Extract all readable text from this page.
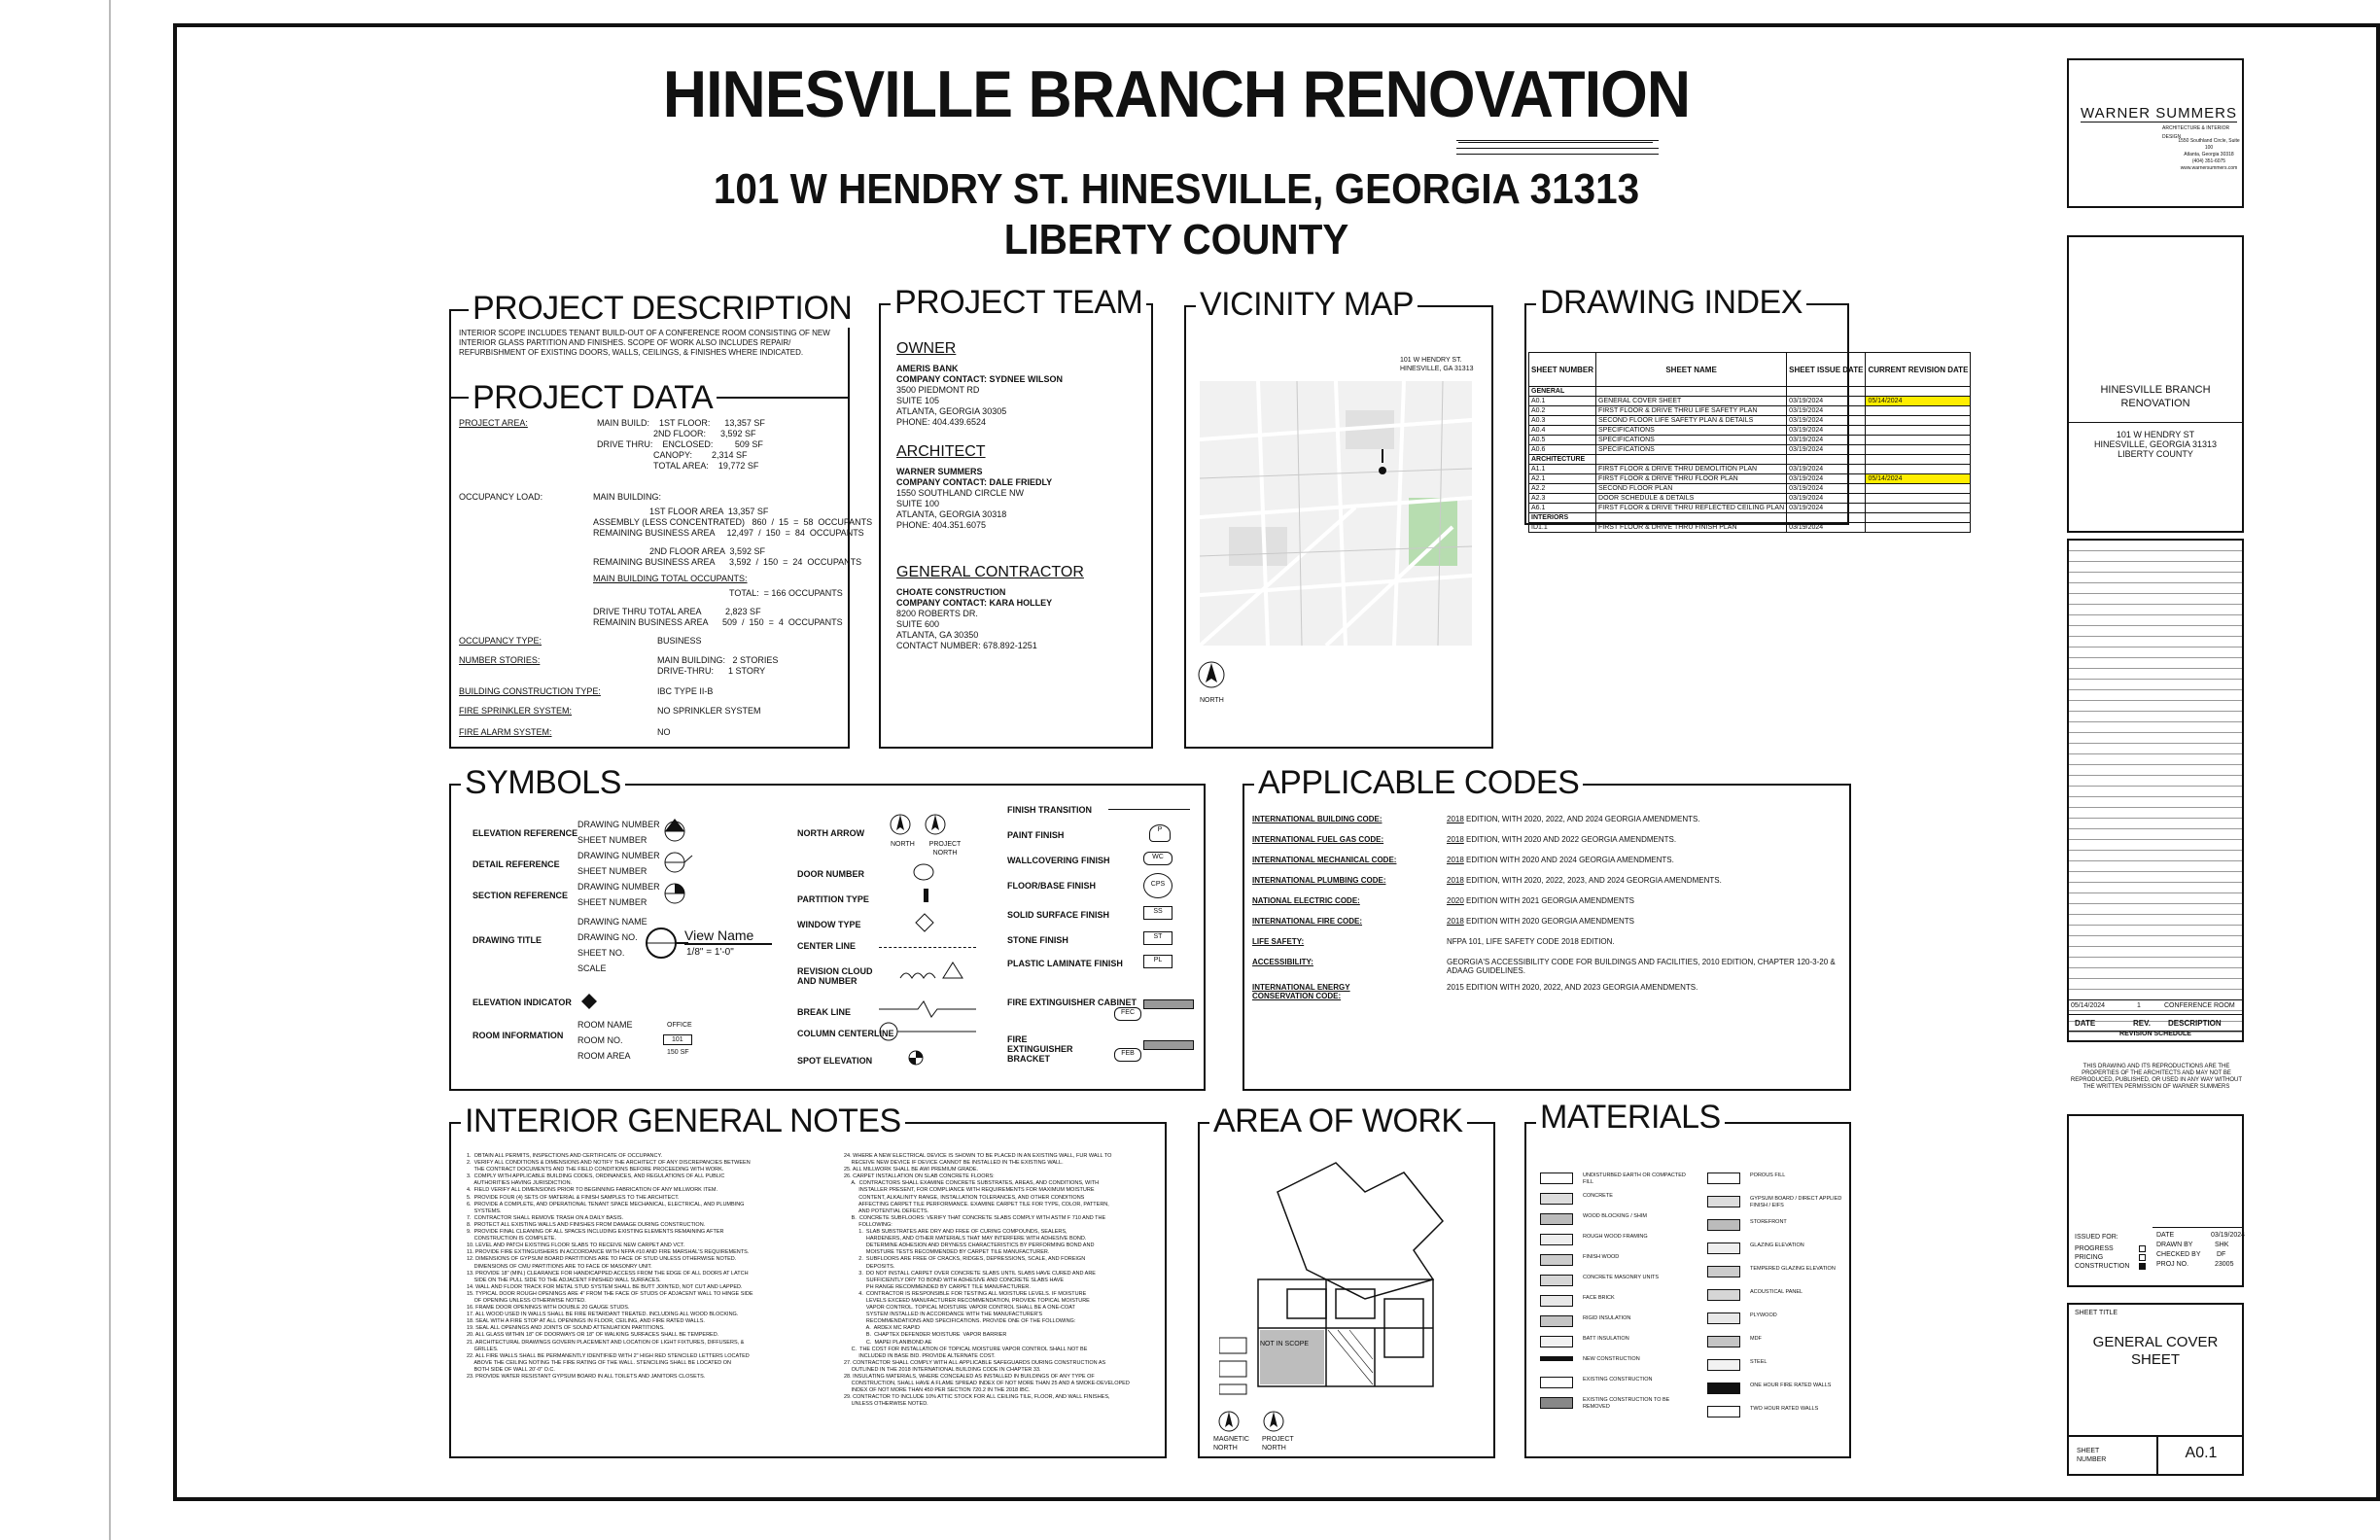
HINESVILLE BRANCH RENOVATION
101 W HENDRY ST. HINESVILLE, GEORGIA 31313
LIBERTY COUNTY
PROJECT DESCRIPTION
INTERIOR SCOPE INCLUDES TENANT BUILD-OUT OF A CONFERENCE ROOM CONSISTING OF NEW INTERIOR GLASS PARTITION AND FINISHES. SCOPE OF WORK ALSO INCLUDES REPAIR/ REFURBISHMENT OF EXISTING DOORS, WALLS, CEILINGS, & FINISHES WHERE INDICATED.
PROJECT DATA
PROJECT AREA:	MAIN BUILD:    1ST FLOOR:      13,357 SF
2ND FLOOR:      3,592 SF
DRIVE THRU:    ENCLOSED:         509 SF
CANOPY:        2,314 SF
TOTAL AREA:    19,772 SF
OCCUPANCY LOAD:	MAIN BUILDING:
1ST FLOOR AREA  13,357 SF
ASSEMBLY (LESS CONCENTRATED)   860  /  15  =  58  OCCUPANTS
REMAINING BUSINESS AREA     12,497  /  150  =  84  OCCUPANTS
2ND FLOOR AREA  3,592 SF
REMAINING BUSINESS AREA      3,592  /  150  =  24  OCCUPANTS
MAIN BUILDING TOTAL OCCUPANTS:
TOTAL:  = 166 OCCUPANTS
DRIVE THRU TOTAL AREA          2,823 SF
REMAININ BUSINESS AREA      509  /  150  =  4  OCCUPANTS
OCCUPANCY TYPE:	BUSINESS
NUMBER STORIES:	MAIN BUILDING:   2 STORIES
DRIVE-THRU:      1 STORY
BUILDING CONSTRUCTION TYPE:	IBC TYPE II-B
FIRE SPRINKLER SYSTEM:	NO SPRINKLER SYSTEM
FIRE ALARM SYSTEM:	NO
PROJECT TEAM
OWNER
AMERIS BANK
COMPANY CONTACT: SYDNEE WILSON
3500 PIEDMONT RD
SUITE 105
ATLANTA, GEORGIA 30305
PHONE: 404.439.6524
ARCHITECT
WARNER SUMMERS
COMPANY CONTACT: DALE FRIEDLY
1550 SOUTHLAND CIRCLE NW
SUITE 100
ATLANTA, GEORGIA 30318
PHONE: 404.351.6075
GENERAL CONTRACTOR
CHOATE CONSTRUCTION
COMPANY CONTACT: KARA HOLLEY
8200 ROBERTS DR.
SUITE 600
ATLANTA, GA 30350
CONTACT NUMBER: 678.892-1251
VICINITY MAP
101 W HENDRY ST. HINESVILLE, GA 31313
NORTH
DRAWING INDEX
SHEET NUMBER	SHEET NAME	SHEET ISSUE DATE	CURRENT REVISION DATE
GENERAL			
A0.1	GENERAL COVER SHEET	03/19/2024	05/14/2024
A0.2	FIRST FLOOR & DRIVE THRU LIFE SAFETY PLAN	03/19/2024	
A0.3	SECOND FLOOR LIFE SAFETY PLAN & DETAILS	03/19/2024	
A0.4	SPECIFICATIONS	03/19/2024	
A0.5	SPECIFICATIONS	03/19/2024	
A0.6	SPECIFICATIONS	03/19/2024	
ARCHITECTURE			
A1.1	FIRST FLOOR & DRIVE THRU DEMOLITION PLAN	03/19/2024	
A2.1	FIRST FLOOR & DRIVE THRU FLOOR PLAN	03/19/2024	05/14/2024
A2.2	SECOND FLOOR PLAN	03/19/2024	
A2.3	DOOR SCHEDULE & DETAILS	03/19/2024	
A6.1	FIRST FLOOR & DRIVE THRU REFLECTED CEILING PLAN	03/19/2024	
INTERIORS			
ID1.1	FIRST FLOOR & DRIVE THRU FINISH PLAN	03/19/2024	
SYMBOLS
ELEVATION REFERENCE
DRAWING NUMBER
SHEET NUMBER
DETAIL REFERENCE
DRAWING NUMBER
SHEET NUMBER
SECTION REFERENCE
DRAWING NUMBER
SHEET NUMBER
DRAWING TITLE
DRAWING NAME
DRAWING NO.
SHEET NO.
SCALE
View Name
1/8" = 1'-0"
ELEVATION INDICATOR
ROOM INFORMATION
ROOM NAME
ROOM NO.
ROOM AREA
OFFICE
101
150 SF
NORTH ARROW
NORTH	PROJECT NORTH
DOOR NUMBER
PARTITION TYPE
WINDOW TYPE
CENTER LINE
REVISION CLOUD AND NUMBER
BREAK LINE
COLUMN CENTERLINE
SPOT ELEVATION
FINISH TRANSITION
PAINT FINISH
WALLCOVERING FINISH
FLOOR/BASE FINISH
SOLID SURFACE FINISH
STONE FINISH
PLASTIC LAMINATE FINISH
FIRE EXTINGUISHER CABINET
FIRE EXTINGUISHER BRACKET
P
WC
CPS
SS
ST
PL
FEC
FEB
APPLICABLE CODES
INTERNATIONAL BUILDING CODE:	2018 EDITION, WITH 2020, 2022, AND 2024 GEORGIA AMENDMENTS.
INTERNATIONAL FUEL GAS CODE:	2018 EDITION, WITH 2020 AND 2022 GEORGIA AMENDMENTS.
INTERNATIONAL MECHANICAL CODE:	2018 EDITION WITH 2020 AND 2024 GEORGIA AMENDMENTS.
INTERNATIONAL PLUMBING CODE:	2018 EDITION, WITH 2020, 2022, 2023, AND 2024 GEORGIA AMENDMENTS.
NATIONAL ELECTRIC CODE:	2020 EDITION WITH 2021 GEORGIA AMENDMENTS
INTERNATIONAL FIRE CODE:	2018 EDITION WITH 2020 GEORGIA AMENDMENTS
LIFE SAFETY:	NFPA 101, LIFE SAFETY CODE 2018 EDITION.
ACCESSIBILITY:	GEORGIA'S ACCESSIBILITY CODE FOR BUILDINGS AND FACILITIES, 2010 EDITION, CHAPTER 120-3-20 & ADAAG GUIDELINES.
INTERNATIONAL ENERGY CONSERVATION CODE:
2015 EDITION WITH 2020, 2022, AND 2023 GEORGIA AMENDMENTS.
INTERIOR GENERAL NOTES
1.  OBTAIN ALL PERMITS, INSPECTIONS AND CERTIFICATE OF OCCUPANCY.
2.  VERIFY ALL CONDITIONS & DIMENSIONS AND NOTIFY THE ARCHITECT OF ANY DISCREPANCIES BETWEEN
THE CONTRACT DOCUMENTS AND THE FIELD CONDITIONS BEFORE PROCEEDING WITH WORK.
3.  COMPLY WITH APPLICABLE BUILDING CODES, ORDINANCES, AND REGULATIONS OF ALL PUBLIC
AUTHORITIES HAVING JURISDICTION.
4.  FIELD VERIFY ALL DIMENSIONS PRIOR TO BEGINNING FABRICATION OF ANY MILLWORK ITEM.
5.  PROVIDE FOUR (4) SETS OF MATERIAL & FINISH SAMPLES TO THE ARCHITECT.
6.  PROVIDE A COMPLETE, AND OPERATIONAL TENANT SPACE MECHANICAL, ELECTRICAL, AND PLUMBING
SYSTEMS.
7.  CONTRACTOR SHALL REMOVE TRASH ON A DAILY BASIS.
8.  PROTECT ALL EXISTING WALLS AND FINISHES FROM DAMAGE DURING CONSTRUCTION.
9.  PROVIDE FINAL CLEANING OF ALL SPACES INCLUDING EXISTING ELEMENTS REMAINING AFTER
CONSTRUCTION IS COMPLETE.
10. LEVEL AND PATCH EXISTING FLOOR SLABS TO RECEIVE NEW CARPET AND VCT.
11. PROVIDE FIRE EXTINGUISHERS IN ACCORDANCE WITH NFPA #10 AND FIRE MARSHAL'S REQUIREMENTS.
12. DIMENSIONS OF GYPSUM BOARD PARTITIONS ARE TO FACE OF STUD UNLESS OTHERWISE NOTED.
DIMENSIONS OF CMU PARTITIONS ARE TO FACE OF MASONRY UNIT.
13. PROVIDE 18" (MIN.) CLEARANCE FOR HANDICAPPED ACCESS FROM THE EDGE OF ALL DOORS AT LATCH
SIDE ON THE PULL SIDE TO THE ADJACENT FINISHED WALL SURFACES.
14. WALL AND FLOOR TRACK FOR METAL STUD SYSTEM SHALL BE BUTT JOINTED, NOT CUT AND LAPPED.
15. TYPICAL DOOR ROUGH OPENINGS ARE 4" FROM THE FACE OF STUDS OF ADJACENT WALL TO HINGE SIDE
OF OPENING UNLESS OTHERWISE NOTED.
16. FRAME DOOR OPENINGS WITH DOUBLE 20 GAUGE STUDS.
17. ALL WOOD USED IN WALLS SHALL BE FIRE RETARDANT TREATED. INCLUDING ALL WOOD BLOCKING.
18. SEAL WITH A FIRE STOP AT ALL OPENINGS IN FLOOR, CEILING, AND FIRE RATED WALLS.
19. SEAL ALL OPENINGS AND JOINTS OF SOUND ATTENUATION PARTITIONS.
20. ALL GLASS WITHIN 18" OF DOORWAYS OR 18" OF WALKING SURFACES SHALL BE TEMPERED.
21. ARCHITECTURAL DRAWINGS GOVERN PLACEMENT AND LOCATION OF LIGHT FIXTURES, DIFFUSERS, &
GRILLES.
22. ALL FIRE WALLS SHALL BE PERMANENTLY IDENTIFIED WITH 2" HIGH RED STENCILED LETTERS LOCATED
ABOVE THE CEILING NOTING THE FIRE RATING OF THE WALL. STENCILING SHALL BE LOCATED ON
BOTH SIDE OF WALL 20'-0" O.C.
23. PROVIDE WATER RESISTANT GYPSUM BOARD IN ALL TOILETS AND JANITORS CLOSETS.
24. WHERE A NEW ELECTRICAL DEVICE IS SHOWN TO BE PLACED IN AN EXISTING WALL, FUR WALL TO
RECEIVE NEW DEVICE IF DEVICE CANNOT BE INSTALLED IN THE EXISTING WALL.
25. ALL MILLWORK SHALL BE AWI PREMIUM GRADE.
26. CARPET INSTALLATION ON SLAB CONCRETE FLOORS:
A.  CONTRACTORS SHALL EXAMINE CONCRETE SUBSTRATES, AREAS, AND CONDITIONS, WITH
INSTALLER PRESENT, FOR COMPLIANCE WITH REQUIREMENTS FOR MAXIMUM MOISTURE
CONTENT, ALKALINITY RANGE, INSTALLATION TOLERANCES, AND OTHER CONDITIONS
AFFECTING CARPET TILE PERFORMANCE. EXAMINE CARPET TILE FOR TYPE, COLOR, PATTERN,
AND POTENTIAL DEFECTS.
B.  CONCRETE SUBFLOORS: VERIFY THAT CONCRETE SLABS COMPLY WITH ASTM F 710 AND THE
FOLLOWING:
1.  SLAB SUBSTRATES ARE DRY AND FREE OF CURING COMPOUNDS, SEALERS,
HARDENERS, AND OTHER MATERIALS THAT MAY INTERFERE WITH ADHESIVE BOND.
DETERMINE ADHESION AND DRYNESS CHARACTERISTICS BY PERFORMING BOND AND
MOISTURE TESTS RECOMMENDED BY CARPET TILE MANUFACTURER.
2.  SUBFLOORS ARE FREE OF CRACKS, RIDGES, DEPRESSIONS, SCALE, AND FOREIGN
DEPOSITS.
3.  DO NOT INSTALL CARPET OVER CONCRETE SLABS UNTIL SLABS HAVE CURED AND ARE
SUFFICIENTLY DRY TO BOND WITH ADHESIVE AND CONCRETE SLABS HAVE
PH RANGE RECOMMENDED BY CARPET TILE MANUFACTURER.
4.  CONTRACTOR IS RESPONSIBLE FOR TESTING ALL MOISTURE LEVELS. IF MOISTURE
LEVELS EXCEED MANUFACTURER RECOMMENDATION, PROVIDE TOPICAL MOISTURE
VAPOR CONTROL. TOPICAL MOISTURE VAPOR CONTROL SHALL BE A ONE-COAT
SYSTEM INSTALLED IN ACCORDANCE WITH THE MANUFACTURER'S
RECOMMENDATIONS AND SPECIFICATIONS. PROVIDE ONE OF THE FOLLOWING:
A.  ARDEX MC RAPID
B.  CHAPTEX DEFENDER MOISTURE  VAPOR BARRIER
C.  MAPEI PLANIBOND AE
C.  THE COST FOR INSTALLATION OF TOPICAL MOISTURE VAPOR CONTROL SHALL NOT BE
INCLUDED IN BASE BID. PROVIDE ALTERNATE COST.
27. CONTRACTOR SHALL COMPLY WITH ALL APPLICABLE SAFEGUARDS DURING CONSTRUCTION AS
OUTLINED IN THE 2018 INTERNATIONAL BUILDING CODE IN CHAPTER 33.
28. INSULATING MATERIALS, WHERE CONCEALED AS INSTALLED IN BUILDINGS OF ANY TYPE OF
CONSTRUCTION, SHALL HAVE A FLAME SPREAD INDEX OF NOT MORE THAN 25 AND A SMOKE-DEVELOPED
INDEX OF NOT MORE THAN 450 PER SECTION 720.2 IN THE 2018 IBC.
29. CONTRACTOR TO INCLUDE 10% ATTIC STOCK FOR ALL CEILING TILE, FLOOR, AND WALL FINISHES,
UNLESS OTHERWISE NOTED.
AREA OF WORK
NOT IN SCOPE
MAGNETIC NORTH
PROJECT NORTH
MATERIALS
UNDISTURBED EARTH OR COMPACTED FILL
CONCRETE
WOOD BLOCKING / SHIM
ROUGH WOOD FRAMING
FINISH WOOD
CONCRETE MASONRY UNITS
FACE BRICK
RIGID INSULATION
BATT INSULATION
NEW CONSTRUCTION
EXISTING CONSTRUCTION
EXISTING CONSTRUCTION TO BE REMOVED
POROUS FILL
GYPSUM BOARD / DIRECT APPLIED FINISH / EIFS
STOREFRONT
GLAZING ELEVATION
TEMPERED GLAZING ELEVATION
ACOUSTICAL PANEL
PLYWOOD
MDF
STEEL
ONE HOUR FIRE RATED WALLS
TWO HOUR RATED WALLS
WARNER SUMMERS
ARCHITECTURE & INTERIOR DESIGN
1550 Southland Circle, Suite 100
Atlanta, Georgia 30318
(404) 351-6075
www.warnersummers.com
HINESVILLE BRANCH RENOVATION
101 W HENDRY ST
HINESVILLE, GEORGIA 31313
LIBERTY COUNTY
05/14/2024	1	CONFERENCE ROOM
DATE	REV. DESCRIPTION
REVISION SCHEDULE
THIS DRAWING AND ITS REPRODUCTIONS ARE THE PROPERTIES OF THE ARCHITECTS AND MAY NOT BE REPRODUCED, PUBLISHED, OR USED IN ANY WAY WITHOUT THE WRITTEN PERMISSION OF WARNER SUMMERS
ISSUED FOR:
PROGRESS
PRICING
CONSTRUCTION
DATE	03/19/2024
DRAWN BY	SHK
CHECKED BY DF
PROJ NO.	23005
SHEET TITLE
GENERAL COVER SHEET
SHEET NUMBER	A0.1
